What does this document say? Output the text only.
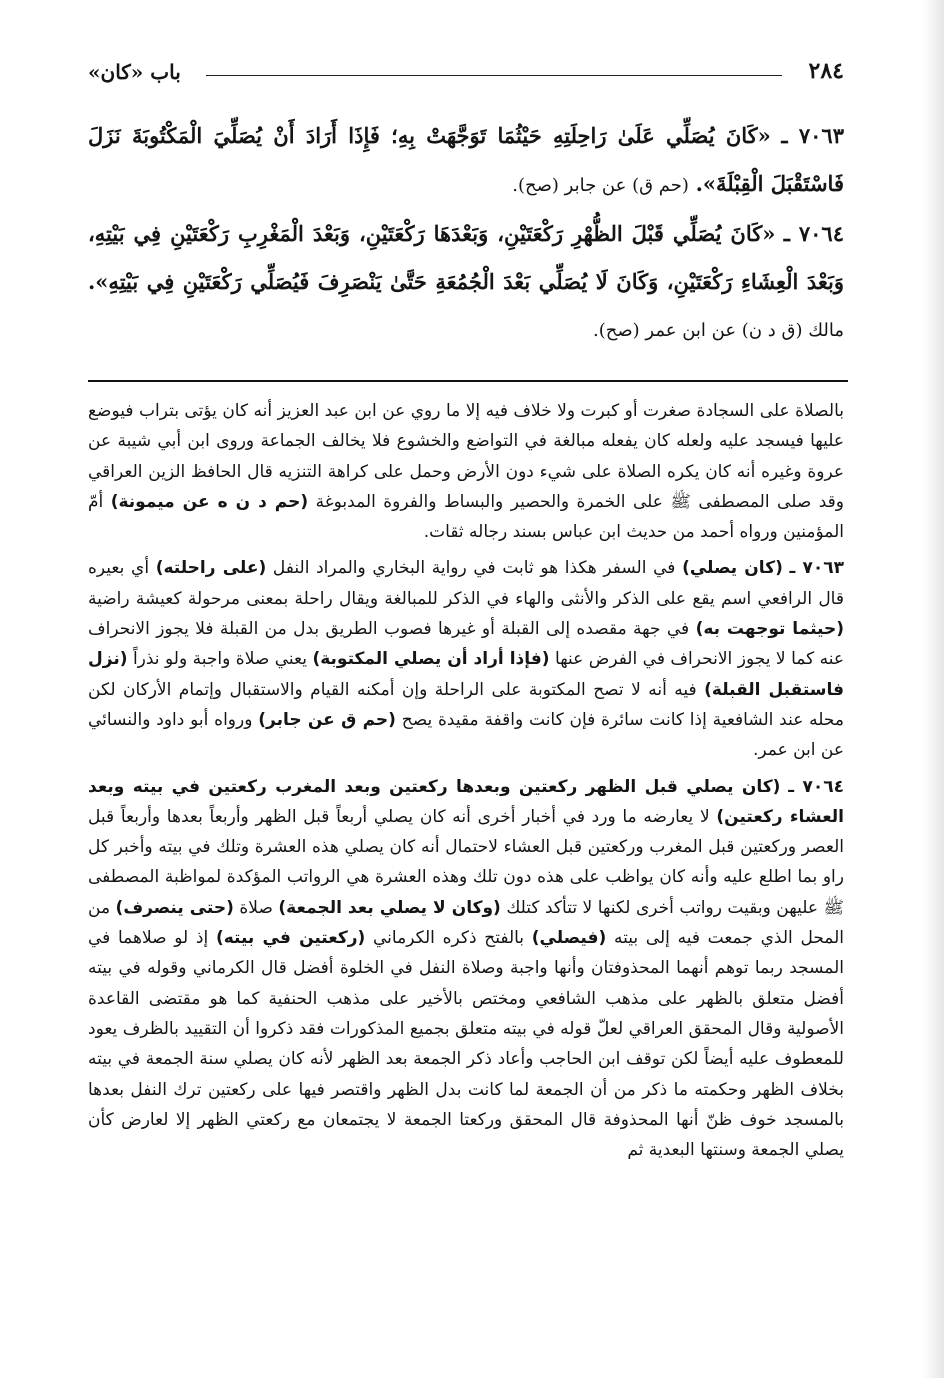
٢٨٤
باب «كان»
٧٠٦٣ ـ «كَانَ يُصَلِّي عَلَىٰ رَاحِلَتِهِ حَيْثُمَا تَوَجَّهَتْ بِهِ؛ فَإِذَا أَرَادَ أَنْ يُصَلِّيَ الْمَكْتُوبَةَ نَزَلَ فَاسْتَقْبَلَ الْقِبْلَةَ». (حم ق) عن جابر (صح).
٧٠٦٤ ـ «كَانَ يُصَلِّي قَبْلَ الظُّهْرِ رَكْعَتَيْنِ، وَبَعْدَهَا رَكْعَتَيْنِ، وَبَعْدَ الْمَغْرِبِ رَكْعَتَيْنِ فِي بَيْتِهِ، وَبَعْدَ الْعِشَاءِ رَكْعَتَيْنِ، وَكَانَ لَا يُصَلِّي بَعْدَ الْجُمُعَةِ حَتَّىٰ يَنْصَرِفَ فَيُصَلِّي رَكْعَتَيْنِ فِي بَيْتِهِ». مالك (ق د ن) عن ابن عمر (صح).

بالصلاة على السجادة صغرت أو كبرت ولا خلاف فيه إلا ما روي عن ابن عبد العزيز أنه كان يؤتى بتراب فيوضع عليها فيسجد عليه ولعله كان يفعله مبالغة في التواضع والخشوع فلا يخالف الجماعة وروى ابن أبي شيبة عن عروة وغيره أنه كان يكره الصلاة على شيء دون الأرض وحمل على كراهة التنزيه قال الحافظ الزين العراقي وقد صلى المصطفى ﷺ على الخمرة والحصير والبساط والفروة المدبوغة (حم د ن ه عن ميمونة) أمّ المؤمنين ورواه أحمد من حديث ابن عباس بسند رجاله ثقات.

٧٠٦٣ ـ (كان يصلي) في السفر هكذا هو ثابت في رواية البخاري والمراد النفل (على راحلته) أي بعيره قال الرافعي اسم يقع على الذكر والأنثى والهاء في الذكر للمبالغة ويقال راحلة بمعنى مرحولة كعيشة راضية (حيثما توجهت به) في جهة مقصده إلى القبلة أو غيرها فصوب الطريق بدل من القبلة فلا يجوز الانحراف عنه كما لا يجوز الانحراف في الفرض عنها (فإذا أراد أن يصلي المكتوبة) يعني صلاة واجبة ولو نذراً (نزل فاستقبل القبلة) فيه أنه لا تصح المكتوبة على الراحلة وإن أمكنه القيام والاستقبال وإتمام الأركان لكن محله عند الشافعية إذا كانت سائرة فإن كانت واقفة مقيدة يصح (حم ق عن جابر) ورواه أبو داود والنسائي عن ابن عمر.

٧٠٦٤ ـ (كان يصلي قبل الظهر ركعتين وبعدها ركعتين وبعد المغرب ركعتين في بيته وبعد العشاء ركعتين) لا يعارضه ما ورد في أخبار أخرى أنه كان يصلي أربعاً قبل الظهر وأربعاً بعدها وأربعاً قبل العصر وركعتين قبل المغرب وركعتين قبل العشاء لاحتمال أنه كان يصلي هذه العشرة وتلك في بيته وأخبر كل راو بما اطلع عليه وأنه كان يواظب على هذه دون تلك وهذه العشرة هي الرواتب المؤكدة لمواظبة المصطفى ﷺ عليهن وبقيت رواتب أخرى لكنها لا تتأكد كتلك (وكان لا يصلي بعد الجمعة) صلاة (حتى ينصرف) من المحل الذي جمعت فيه إلى بيته (فيصلي) بالفتح ذكره الكرماني (ركعتين في بيته) إذ لو صلاهما في المسجد ربما توهم أنهما المحذوفتان وأنها واجبة وصلاة النفل في الخلوة أفضل قال الكرماني وقوله في بيته أفضل متعلق بالظهر على مذهب الشافعي ومختص بالأخير على مذهب الحنفية كما هو مقتضى القاعدة الأصولية وقال المحقق العراقي لعلّ قوله في بيته متعلق بجميع المذكورات فقد ذكروا أن التقييد بالظرف يعود للمعطوف عليه أيضاً لكن توقف ابن الحاجب وأعاد ذكر الجمعة بعد الظهر لأنه كان يصلي سنة الجمعة في بيته بخلاف الظهر وحكمته ما ذكر من أن الجمعة لما كانت بدل الظهر واقتصر فيها على ركعتين ترك النفل بعدها بالمسجد خوف ظنّ أنها المحذوفة قال المحقق وركعتا الجمعة لا يجتمعان مع ركعتي الظهر إلا لعارض كأن يصلي الجمعة وسنتها البعدية ثم
